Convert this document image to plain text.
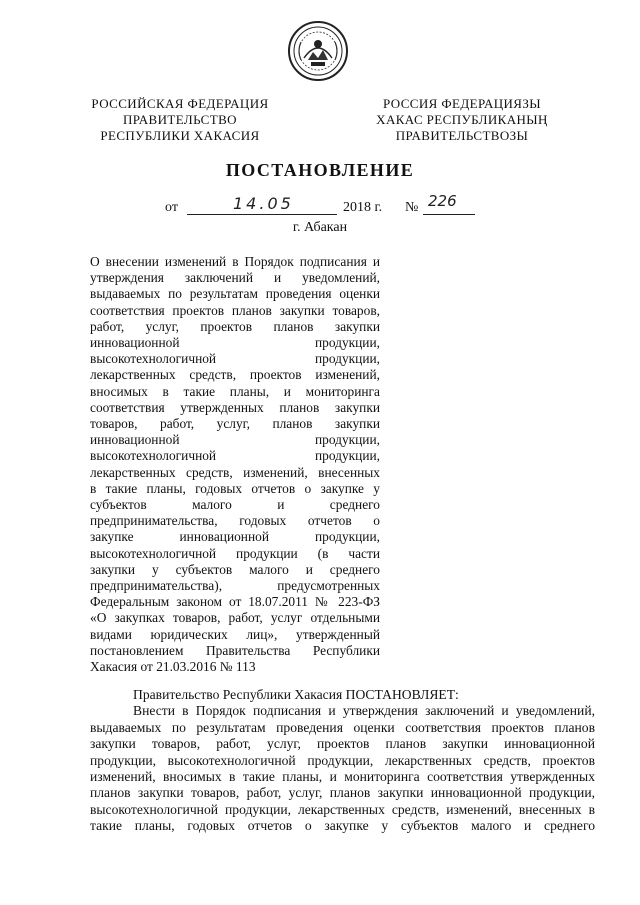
РОССИЙСКАЯ ФЕДЕРАЦИЯ
ПРАВИТЕЛЬСТВО
РЕСПУБЛИКИ ХАКАСИЯ
РОССИЯ ФЕДЕРАЦИЯЗЫ
ХАКАС РЕСПУБЛИКАНЫҢ
ПРАВИТЕЛЬСТВОЗЫ
ПОСТАНОВЛЕНИЕ
от	14.05	2018 г. № 226
г. Абакан
О внесении изменений в Порядок подписания и
утверждения заключений и уведомлений,
выдаваемых по результатам проведения оценки
соответствия проектов планов закупки товаров,
работ, услуг, проектов планов закупки
инновационной продукции,
высокотехнологичной продукции,
лекарственных средств, проектов изменений,
вносимых в такие планы, и мониторинга
соответствия утвержденных планов закупки
товаров, работ, услуг, планов закупки
инновационной продукции,
высокотехнологичной продукции,
лекарственных средств, изменений, внесенных
в такие планы, годовых отчетов о закупке у
субъектов малого и среднего
предпринимательства, годовых отчетов о
закупке инновационной продукции,
высокотехнологичной продукции (в части
закупки у субъектов малого и среднего
предпринимательства), предусмотренных
Федеральным законом от 18.07.2011 № 223-ФЗ
«О закупках товаров, работ, услуг отдельными
видами юридических лиц», утвержденный
постановлением Правительства Республики
Хакасия от 21.03.2016 № 113

Правительство Республики Хакасия ПОСТАНОВЛЯЕТ:

Внести в Порядок подписания и утверждения заключений и уведомлений,
выдаваемых по результатам проведения оценки соответствия проектов планов
закупки товаров, работ, услуг, проектов планов закупки инновационной
продукции, высокотехнологичной продукции, лекарственных средств, проектов
изменений, вносимых в такие планы, и мониторинга соответствия утвержденных
планов закупки товаров, работ, услуг, планов закупки инновационной продукции,
высокотехнологичной продукции, лекарственных средств, изменений, внесенных в
такие планы, годовых отчетов о закупке у субъектов малого и среднего
